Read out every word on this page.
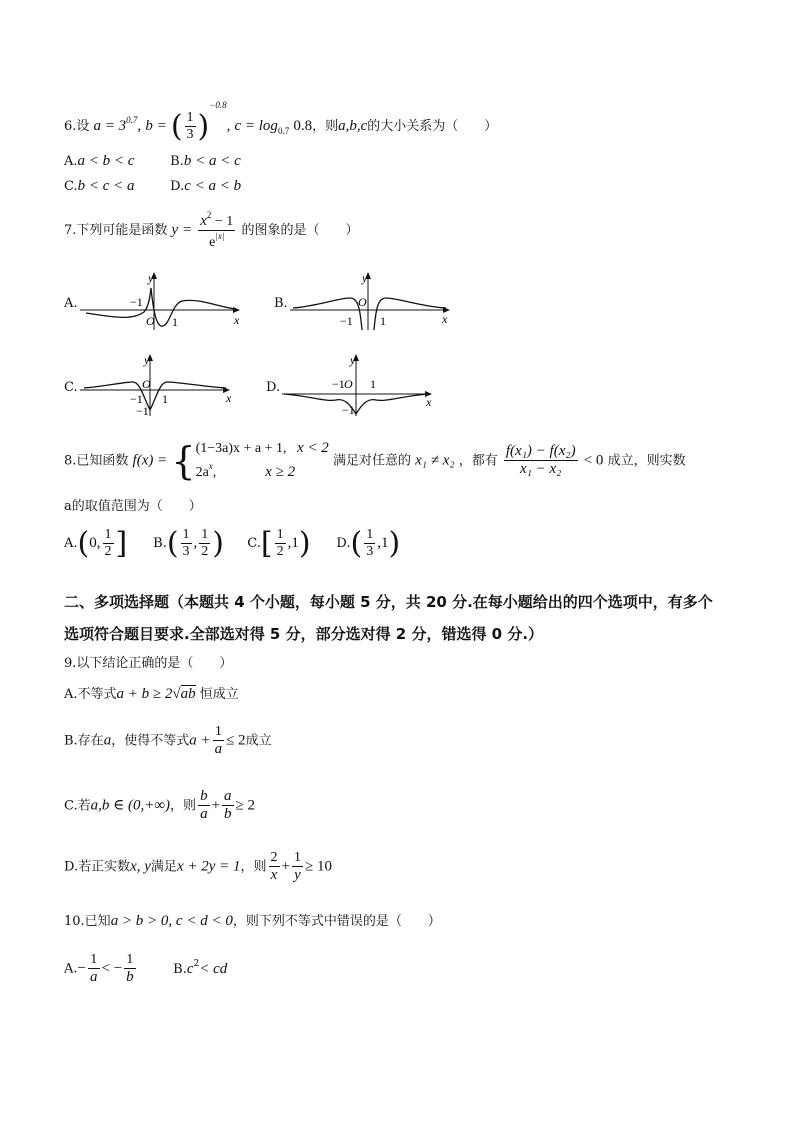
6.设 $a = 3^{0.7}$, b = ( $\frac{1}{3} )^{-0.8}$, $c = \log_{0.7} 0.8$，则a,b,c的大小关系为（　　）
A.a < b < c	B.b < a < c
C.b < c < a	D.c < a < b
7.下列可能是函数 $y = \frac{x^2 - 1}{e^{|x|}}$ 的图象的是（　　）
A.	−1
O 1	x
y
B.
−1
O
1	x
y
C.	O
−1 1
−1
x
y
D.	−1 O 1
−1
x
y
8.已知函数 f(x) = {(1−3a)x + a + 1, x < 2
$2a^x$,	x ≥ 2 满足对任意的 x₁ ≠ x₂ ，都有 $\frac{\text{f(x₁) − f(x₂)}}{\text{x₁ − x₂}} < 0$ 成立，则实数
a的取值范围为（　　）
A.(0, $\frac{1}{2}$ ] $B.( \frac{1}{3}$ , $\frac{1}{2}$ ) $C.[ \frac{1}{2} ,1)$ $D.( \frac{1}{3} ,1)$
二、多项选择题（本题共 4 个小题，每小题 5 分，共 20 分.在每小题给出的四个选项中，有多个
选项符合题目要求.全部选对得 5 分，部分选对得 2 分，错选得 0 分.）
9.以下结论正确的是（　　）
A.不等式a + b ≥ 2√ab 恒成立
B.存在a，使得不等式$a + \frac{1}{a} \le 2$成立
C.若a,b ∈ (0,+∞)，则 $\frac{b}{a} + \frac{a}{b} \ge 2$
D.若正实数x, y满足x + 2y = 1，则 $\frac{2}{x} + \frac{1}{y} \ge 10$
10.已知a > b > 0, c < d < 0，则下列不等式中错误的是（　　）
$A.- \frac{1}{a}$ < − $\frac{1}{b}$	$B.c^2<$ cd
